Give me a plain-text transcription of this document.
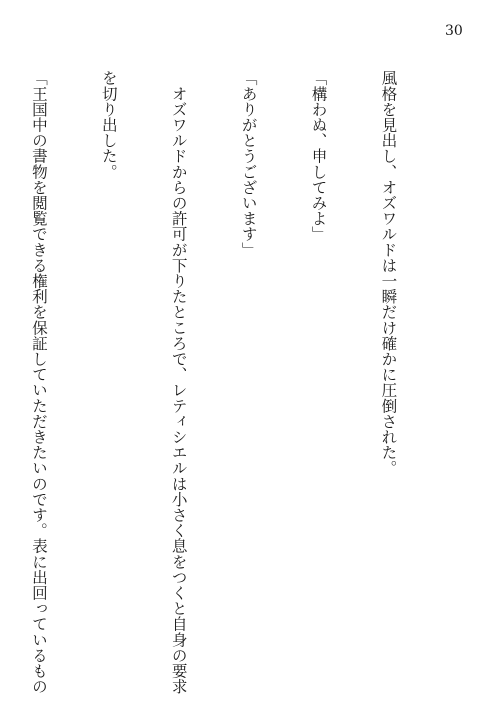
30

風格を見出し、オズワルドは一瞬だけ確かに圧倒された。

「構わぬ、申してみよ」

「ありがとうございます」

　オズワルドからの許可が下りたところで、レティシエルは小さく息をつくと自身の要求

を切り出した。

「王国中の書物を閲覧できる権利を保証していただきたいのです。表に出回っているもの
